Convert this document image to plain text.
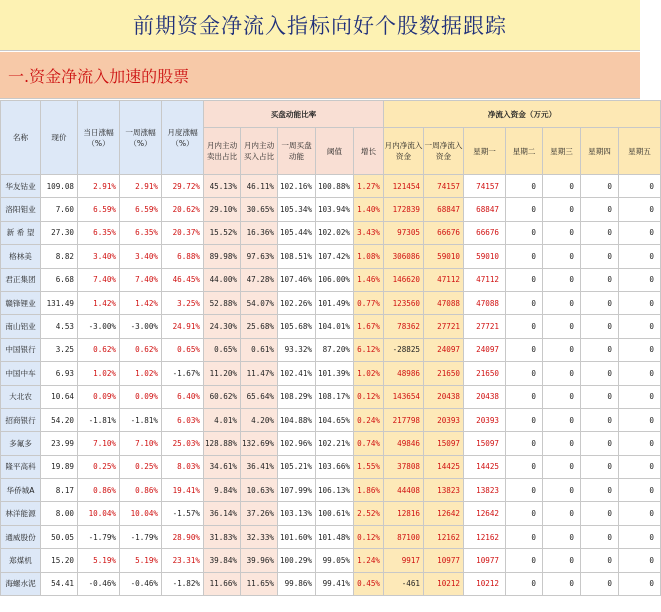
前期资金净流入指标向好个股数据跟踪
一.资金净流入加速的股票
名称	现价	当日涨幅（%）	一周涨幅（%）	月度涨幅（%）	买盘动能比率					净流入资金（万元）						
					月内主动卖出占比	月内主动买入占比	一周买盘动能	阈值	增长	月内净流入资金	一周净流入资金	星期一	星期二	星期三	星期四	星期五
华友钴业	109.08	2.91%	2.91%	29.72%	45.13%	46.11%	102.16%	100.88%	1.27%	121454	74157	74157	0	0	0	0
洛阳钼业	7.60	6.59%	6.59%	20.62%	29.10%	30.65%	105.34%	103.94%	1.40%	172839	68847	68847	0	0	0	0
新 希 望	27.30	6.35%	6.35%	20.37%	15.52%	16.36%	105.44%	102.02%	3.43%	97305	66676	66676	0	0	0	0
格林美	8.82	3.40%	3.40%	6.88%	89.98%	97.63%	108.51%	107.42%	1.08%	306086	59010	59010	0	0	0	0
君正集团	6.68	7.40%	7.40%	46.45%	44.00%	47.28%	107.46%	106.00%	1.46%	146620	47112	47112	0	0	0	0
赣锋锂业	131.49	1.42%	1.42%	3.25%	52.88%	54.07%	102.26%	101.49%	0.77%	123560	47088	47088	0	0	0	0
南山铝业	4.53	-3.00%	-3.00%	24.91%	24.30%	25.68%	105.68%	104.01%	1.67%	78362	27721	27721	0	0	0	0
中国银行	3.25	0.62%	0.62%	0.65%	0.65%	0.61%	93.32%	87.20%	6.12%	-28825	24097	24097	0	0	0	0
中国中车	6.93	1.02%	1.02%	-1.67%	11.20%	11.47%	102.41%	101.39%	1.02%	48986	21650	21650	0	0	0	0
大北农	10.64	0.09%	0.09%	6.40%	60.62%	65.64%	108.29%	108.17%	0.12%	143654	20438	20438	0	0	0	0
招商银行	54.20	-1.81%	-1.81%	6.03%	4.01%	4.20%	104.88%	104.65%	0.24%	217798	20393	20393	0	0	0	0
多氟多	23.99	7.10%	7.10%	25.03%	128.88%	132.69%	102.96%	102.21%	0.74%	49846	15097	15097	0	0	0	0
隆平高科	19.89	0.25%	0.25%	8.03%	34.61%	36.41%	105.21%	103.66%	1.55%	37808	14425	14425	0	0	0	0
华侨城A	8.17	0.86%	0.86%	19.41%	9.84%	10.63%	107.99%	106.13%	1.86%	44408	13823	13823	0	0	0	0
林洋能源	8.00	10.04%	10.04%	-1.57%	36.14%	37.26%	103.13%	100.61%	2.52%	12816	12642	12642	0	0	0	0
通威股份	50.05	-1.79%	-1.79%	28.90%	31.83%	32.33%	101.60%	101.48%	0.12%	87100	12162	12162	0	0	0	0
郑煤机	15.20	5.19%	5.19%	23.31%	39.84%	39.96%	100.29%	99.05%	1.24%	9917	10977	10977	0	0	0	0
海螺水泥	54.41	-0.46%	-0.46%	-1.82%	11.66%	11.65%	99.86%	99.41%	0.45%	-461	10212	10212	0	0	0	0
